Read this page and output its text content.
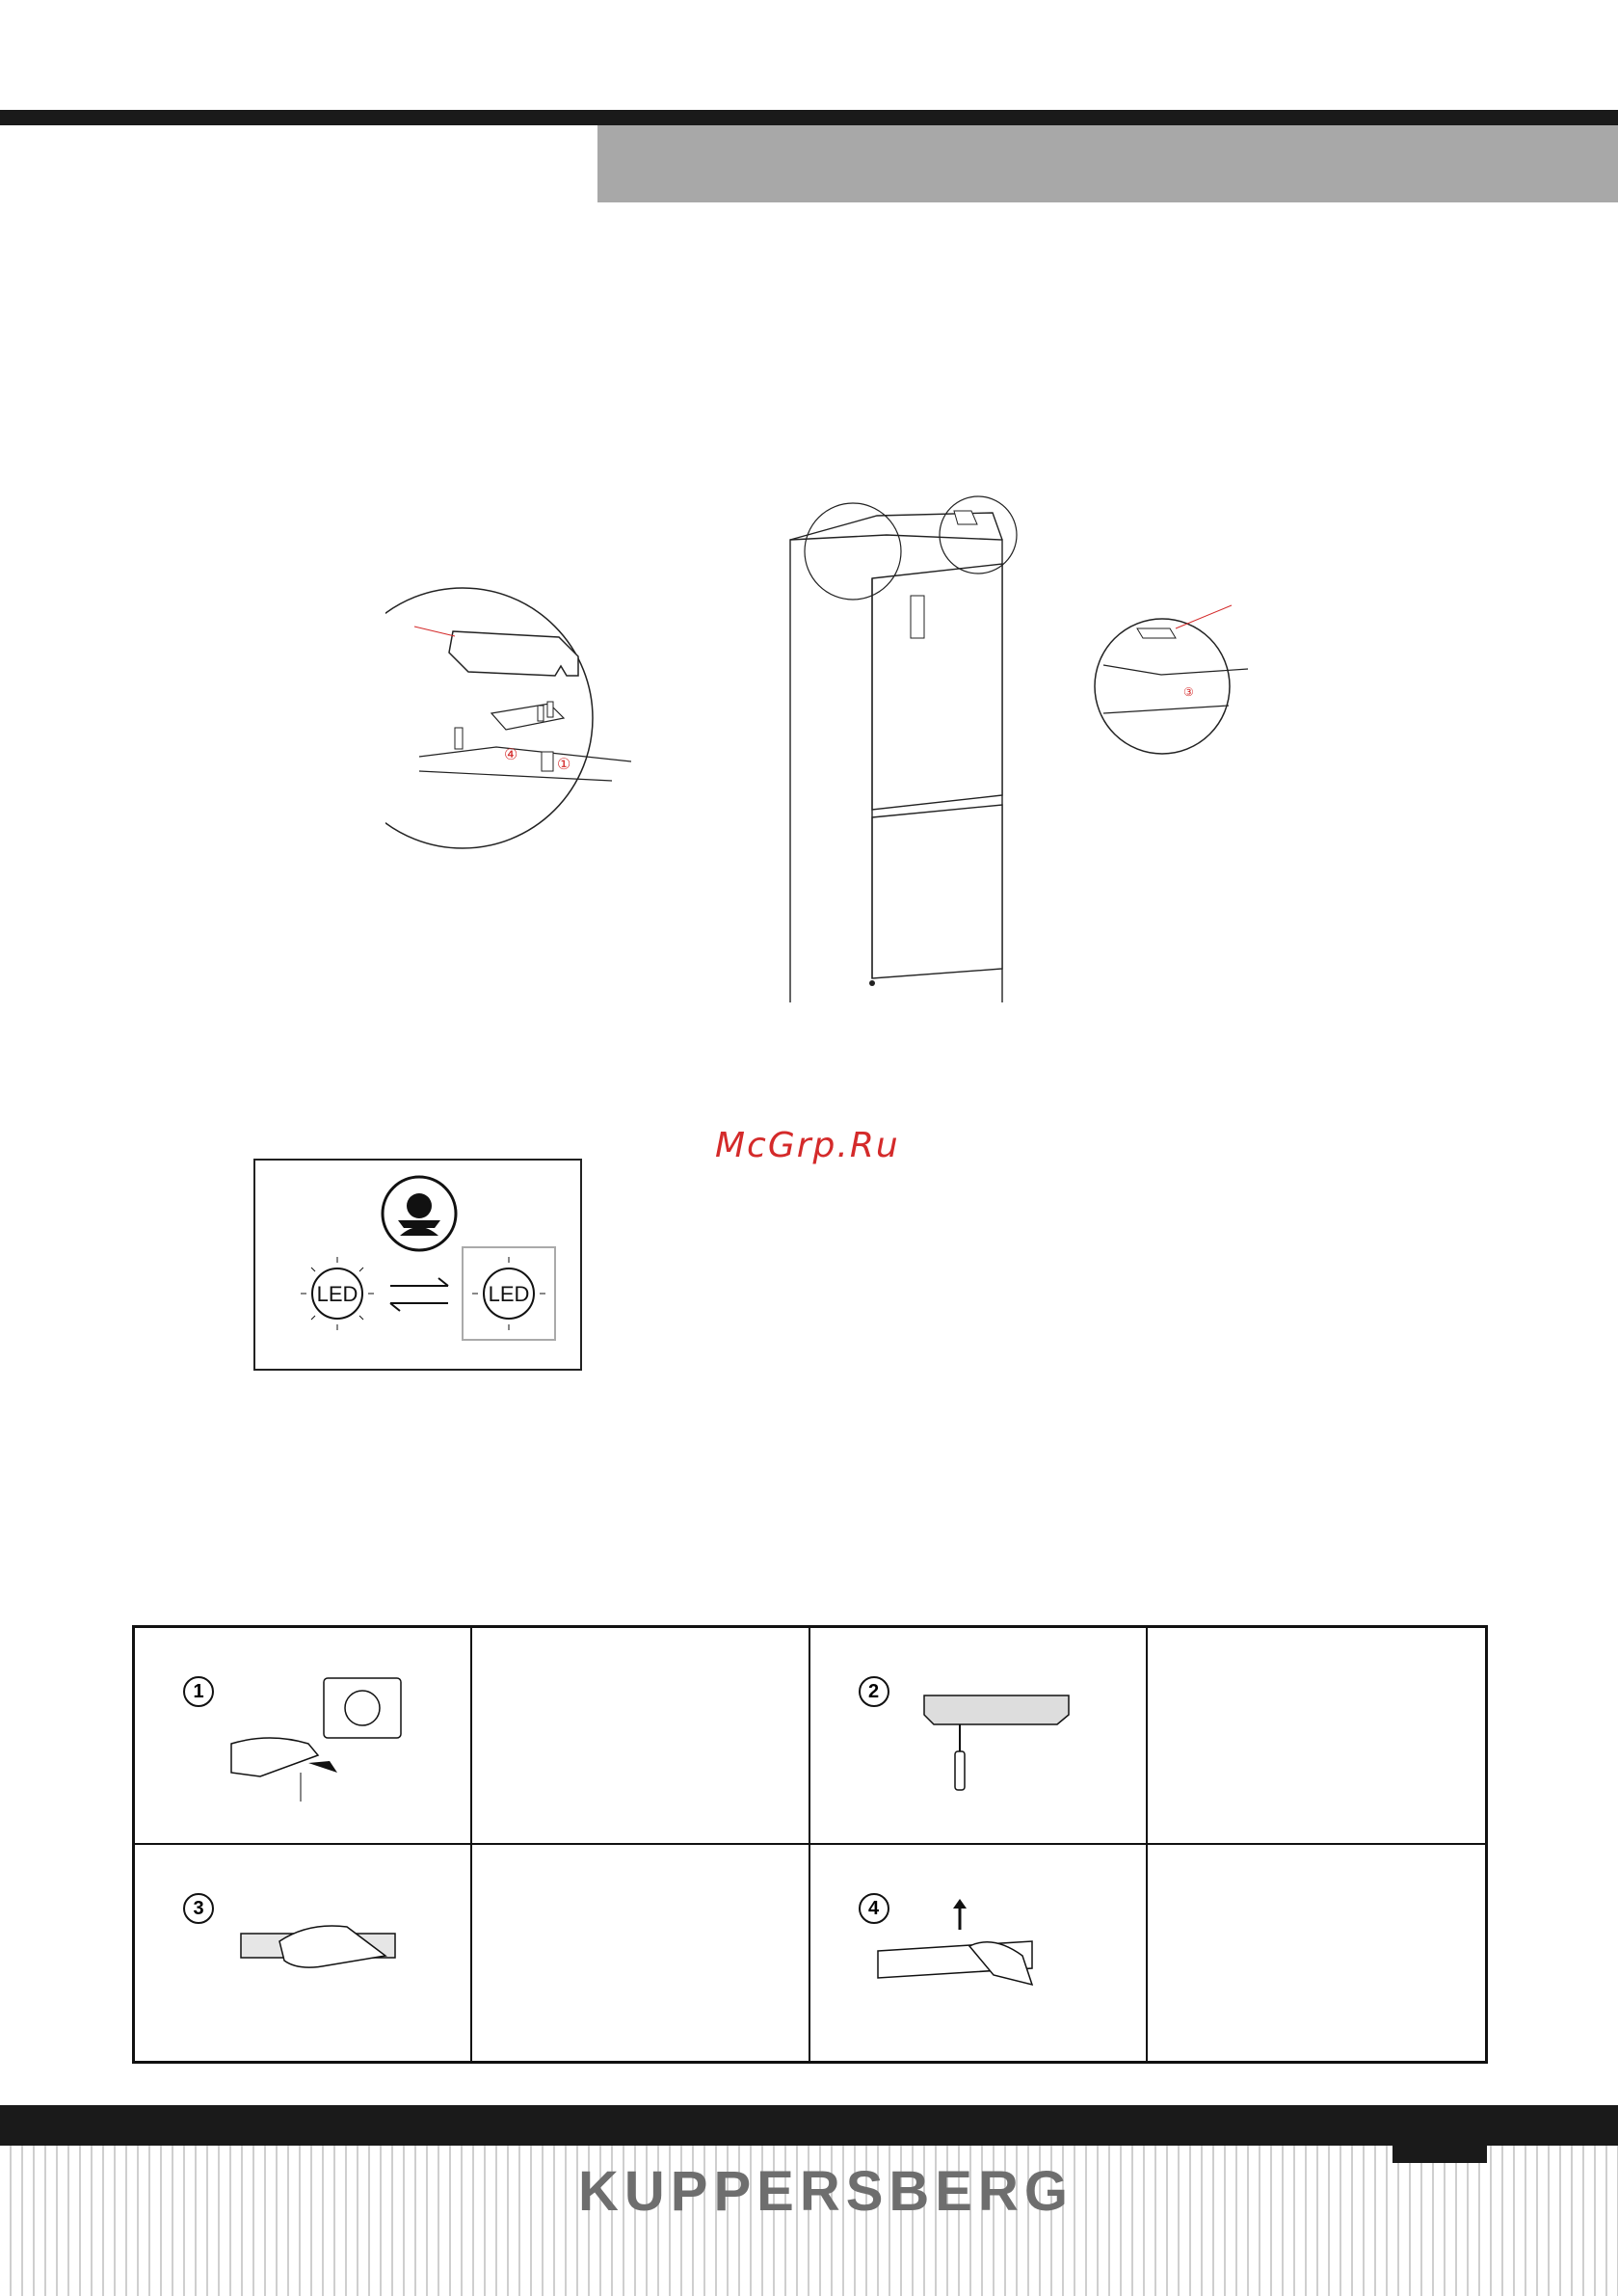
④
①
③
McGrp.Ru
LED	LED
1	2
3	4
KUPPERSBERG
